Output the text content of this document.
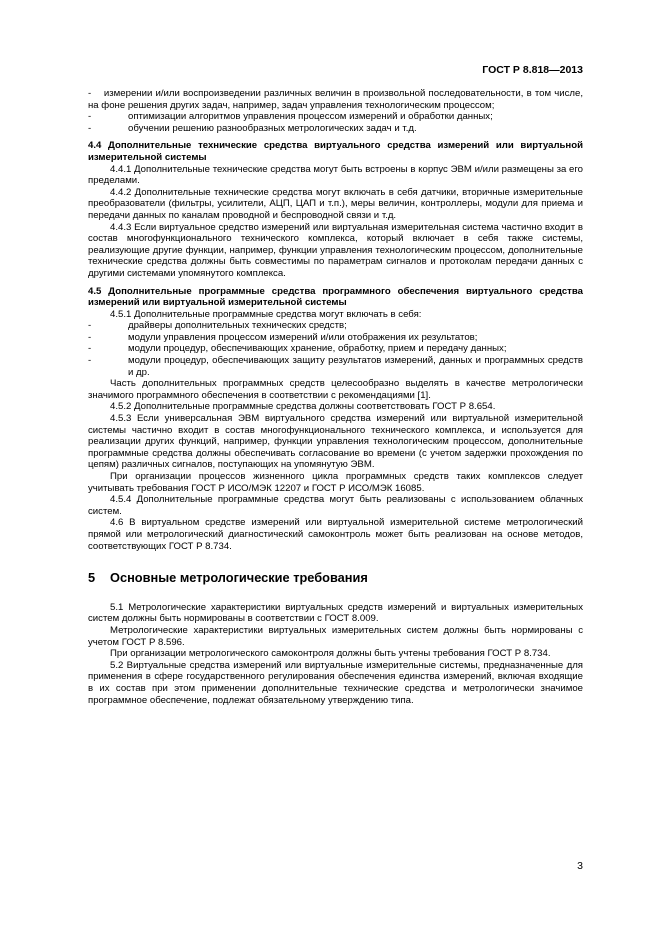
ГОСТ Р 8.818—2013

-    измерении и/или воспроизведении различных величин в произвольной последовательности, в том числе, на фоне решения других задач, например, задач управления технологическим процессом;

-	оптимизации алгоритмов управления процессом измерений и обработки данных;

-	обучении решению разнообразных метрологических задач и т.д.

4.4 Дополнительные технические средства виртуального средства измерений или виртуальной измерительной системы

4.4.1 Дополнительные технические средства могут быть встроены в корпус ЭВМ и/или размещены за его пределами.

4.4.2 Дополнительные технические средства могут включать в себя датчики, вторичные измерительные преобразователи (фильтры, усилители, АЦП, ЦАП и т.п.), меры величин, контроллеры, модули для приема и передачи данных по каналам проводной и беспроводной связи и т.д.

4.4.3 Если виртуальное средство измерений или виртуальная измерительная система частично входит в состав многофункционального технического комплекса, который включает в себя также системы, реализующие другие функции, например, функции управления технологическим процессом, дополнительные технические средства должны быть совместимы по параметрам сигналов и протоколам передачи данных с другими системами упомянутого комплекса.

4.5 Дополнительные программные средства программного обеспечения виртуального средства измерений или виртуальной измерительной системы

4.5.1 Дополнительные программные средства могут включать в себя:

-	драйверы дополнительных технических средств;

-	модули управления процессом измерений и/или отображения их результатов;

-	модули процедур, обеспечивающих хранение, обработку, прием и передачу данных;

-	модули процедур, обеспечивающих защиту результатов измерений, данных и программных средств и др.

Часть дополнительных программных средств целесообразно выделять в качестве метрологически значимого программного обеспечения в соответствии с рекомендациями [1].

4.5.2 Дополнительные программные средства должны соответствовать ГОСТ Р 8.654.

4.5.3 Если универсальная ЭВМ виртуального средства измерений или виртуальной измерительной системы частично входит в состав многофункционального технического комплекса, и используется для реализации других функций, например, функции управления технологическим процессом, дополнительные программные средства должны обеспечивать согласование во времени (с учетом задержки прохождения по цепям) различных сигналов, поступающих на упомянутую ЭВМ.

При организации процессов жизненного цикла программных средств таких комплексов следует учитывать требования ГОСТ Р ИСО/МЭК 12207 и ГОСТ Р ИСО/МЭК 16085.

4.5.4 Дополнительные программные средства могут быть реализованы с использованием облачных систем.

4.6 В виртуальном средстве измерений или виртуальной измерительной системе метрологический прямой или метрологический диагностический самоконтроль может быть реализован на основе методов, соответствующих ГОСТ Р 8.734.

5 Основные метрологические требования

5.1 Метрологические характеристики виртуальных средств измерений и виртуальных измерительных систем должны быть нормированы в соответствии с ГОСТ 8.009.

Метрологические характеристики виртуальных измерительных систем должны быть нормированы с учетом ГОСТ Р 8.596.

При организации метрологического самоконтроля должны быть учтены требования ГОСТ Р 8.734.

5.2 Виртуальные средства измерений или виртуальные измерительные системы, предназначенные для применения в сфере государственного регулирования обеспечения единства измерений, включая входящие в их состав при этом применении дополнительные технические средства и метрологически значимое программное обеспечение, подлежат обязательному утверждению типа.

3
